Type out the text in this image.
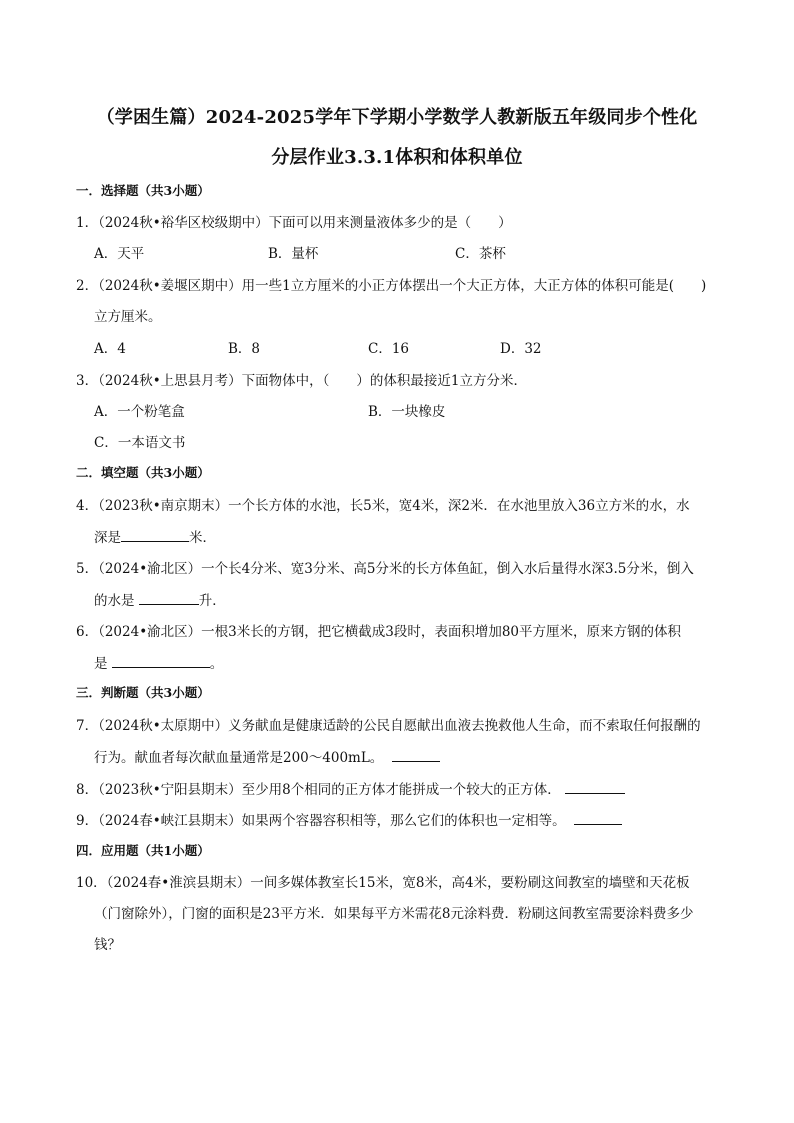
（学困生篇）2024-2025学年下学期小学数学人教新版五年级同步个性化
分层作业3.3.1体积和体积单位
一．选择题（共3小题）
1．（2024秋•裕华区校级期中）下面可以用来测量液体多少的是（　　）
A．天平	B．量杯	C．茶杯
2．（2024秋•姜堰区期中）用一些1立方厘米的小正方体摆出一个大正方体，大正方体的体积可能是(　　)
立方厘米。
A．4	B．8	C．16	D．32
3．（2024秋•上思县月考）下面物体中，（　　）的体积最接近1立方分米．
A．一个粉笔盒	B．一块橡皮
C．一本语文书
二．填空题（共3小题）
4．（2023秋•南京期末）一个长方体的水池，长5米，宽4米，深2米．在水池里放入36立方米的水，水
深是	米．
5．（2024•渝北区）一个长4分米、宽3分米、高5分米的长方体鱼缸，倒入水后量得水深3.5分米，倒入
的水是	升．
6．（2024•渝北区）一根3米长的方钢，把它横截成3段时，表面积增加80平方厘米，原来方钢的体积
是	。
三．判断题（共3小题）
7．（2024秋•太原期中）义务献血是健康适龄的公民自愿献出血液去挽救他人生命，而不索取任何报酬的
行为。献血者每次献血量通常是200～400mL。
8．（2023秋•宁阳县期末）至少用8个相同的正方体才能拼成一个较大的正方体．
9．（2024春•峡江县期末）如果两个容器容积相等，那么它们的体积也一定相等。
四．应用题（共1小题）
10．（2024春•淮滨县期末）一间多媒体教室长15米，宽8米，高4米，要粉刷这间教室的墙壁和天花板
（门窗除外），门窗的面积是23平方米．如果每平方米需花8元涂料费．粉刷这间教室需要涂料费多少
钱？
